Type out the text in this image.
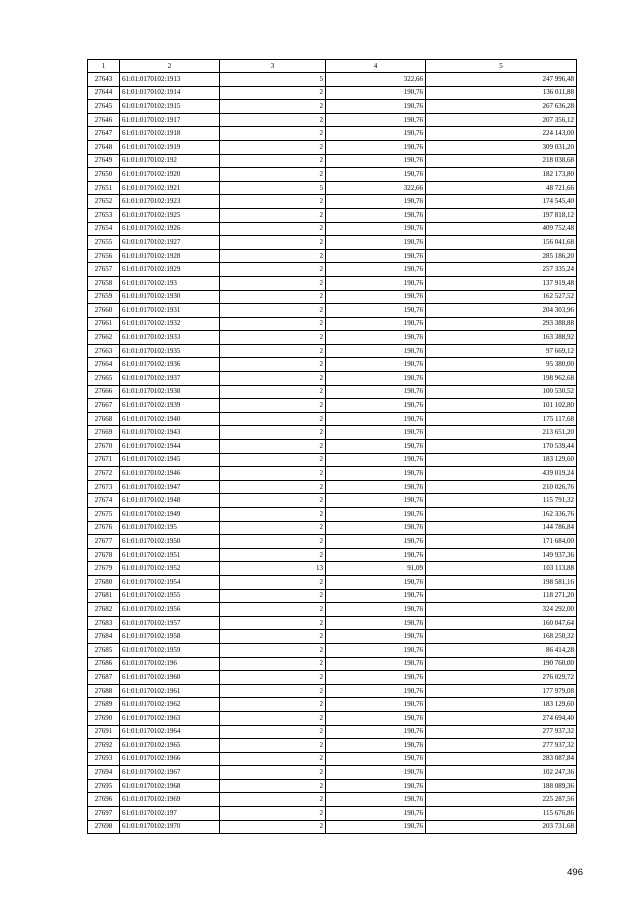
1	2	3	4	5
27643	61:01:0170102:1913	5	322,66	247 996,48
27644	61:01:0170102:1914	2	190,76	136 011,88
27645	61:01:0170102:1915	2	190,76	267 636,28
27646	61:01:0170102:1917	2	190,76	207 356,12
27647	61:01:0170102:1918	2	190,76	224 143,00
27648	61:01:0170102:1919	2	190,76	309 031,20
27649	61:01:0170102:192	2	190,76	218 038,68
27650	61:01:0170102:1920	2	190,76	182 173,80
27651	61:01:0170102:1921	5	322,66	48 721,66
27652	61:01:0170102:1923	2	190,76	174 545,40
27653	61:01:0170102:1925	2	190,76	197 818,12
27654	61:01:0170102:1926	2	190,76	409 752,48
27655	61:01:0170102:1927	2	190,76	156 041,68
27656	61:01:0170102:1928	2	190,76	285 186,20
27657	61:01:0170102:1929	2	190,76	257 335,24
27658	61:01:0170102:193	2	190,76	137 919,48
27659	61:01:0170102:1930	2	190,76	162 527,52
27660	61:01:0170102:1931	2	190,76	204 303,96
27661	61:01:0170102:1932	2	190,76	293 388,88
27662	61:01:0170102:1933	2	190,76	163 388,92
27663	61:01:0170102:1935	2	190,76	97 669,12
27664	61:01:0170102:1936	2	190,76	95 380,00
27665	61:01:0170102:1937	2	190,76	198 962,68
27666	61:01:0170102:1938	2	190,76	100 530,52
27667	61:01:0170102:1939	2	190,76	101 102,80
27668	61:01:0170102:1940	2	190,76	175 117,68
27669	61:01:0170102:1943	2	190,76	213 651,20
27670	61:01:0170102:1944	2	190,76	170 539,44
27671	61:01:0170102:1945	2	190,76	183 129,60
27672	61:01:0170102:1946	2	190,76	439 019,24
27673	61:01:0170102:1947	2	190,76	210 026,76
27674	61:01:0170102:1948	2	190,76	115 791,32
27675	61:01:0170102:1949	2	190,76	162 336,76
27676	61:01:0170102:195	2	190,76	144 786,84
27677	61:01:0170102:1950	2	190,76	171 684,00
27678	61:01:0170102:1951	2	190,76	149 937,36
27679	61:01:0170102:1952	13	91,09	103 113,88
27680	61:01:0170102:1954	2	190,76	198 581,16
27681	61:01:0170102:1955	2	190,76	118 271,20
27682	61:01:0170102:1956	2	190,76	324 292,00
27683	61:01:0170102:1957	2	190,76	160 047,64
27684	61:01:0170102:1958	2	190,76	168 250,32
27685	61:01:0170102:1959	2	190,76	86 414,28
27686	61:01:0170102:196	2	190,76	190 760,00
27687	61:01:0170102:1960	2	190,76	276 029,72
27688	61:01:0170102:1961	2	190,76	177 979,08
27689	61:01:0170102:1962	2	190,76	183 129,60
27690	61:01:0170102:1963	2	190,76	274 694,40
27691	61:01:0170102:1964	2	190,76	277 937,32
27692	61:01:0170102:1965	2	190,76	277 937,32
27693	61:01:0170102:1966	2	190,76	283 087,84
27694	61:01:0170102:1967	2	190,76	102 247,36
27695	61:01:0170102:1968	2	190,76	188 089,36
27696	61:01:0170102:1969	2	190,76	225 287,56
27697	61:01:0170102:197	2	190,76	115 676,86
27698	61:01:0170102:1970	2	190,76	203 731,68
496
